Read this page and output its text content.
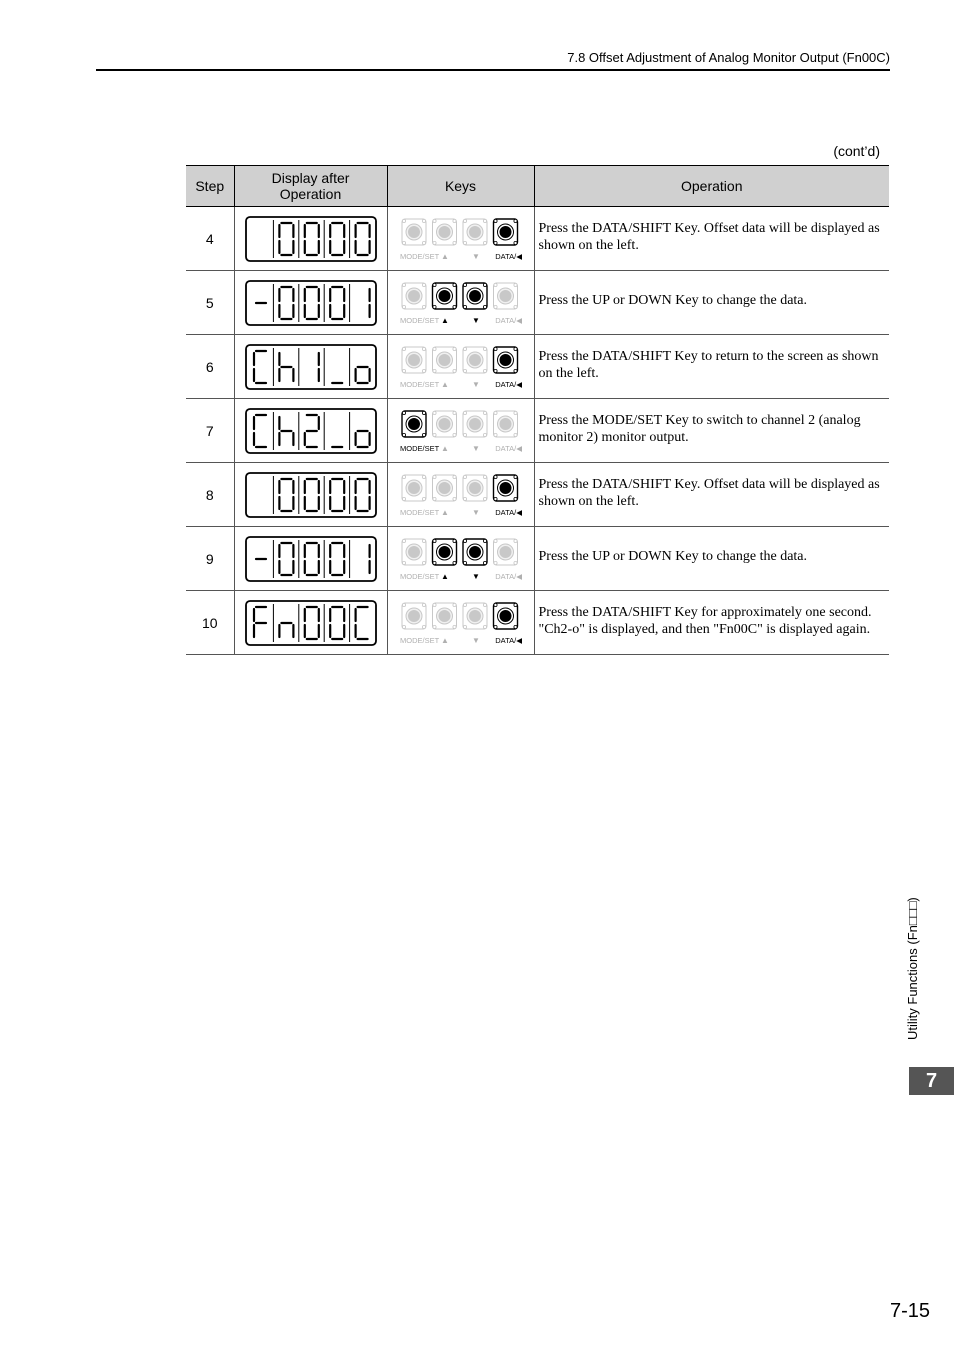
7.8 Offset Adjustment of Analog Monitor Output (Fn00C)
(cont’d)
Step	Display after Operation	Keys	Operation
4		MODE/SET ▲ ▼ DATA/◀	Press the DATA/SHIFT Key. Offset data will be displayed as shown on the left.
5		MODE/SET ▲ ▼ DATA/◀	Press the UP or DOWN Key to change the data.
6		MODE/SET ▲ ▼ DATA/◀	Press the DATA/SHIFT Key to return to the screen as shown on the left.
7		MODE/SET ▲ ▼ DATA/◀	Press the MODE/SET Key to switch to channel 2 (analog monitor 2) monitor output.
8		MODE/SET ▲ ▼ DATA/◀	Press the DATA/SHIFT Key. Offset data will be displayed as shown on the left.
9		MODE/SET ▲ ▼ DATA/◀	Press the UP or DOWN Key to change the data.
10		MODE/SET ▲ ▼ DATA/◀	Press the DATA/SHIFT Key for approximately one second. "Ch2-o" is displayed, and then "Fn00C" is displayed again.
Utility Functions (Fn□□□)
7
7-15
